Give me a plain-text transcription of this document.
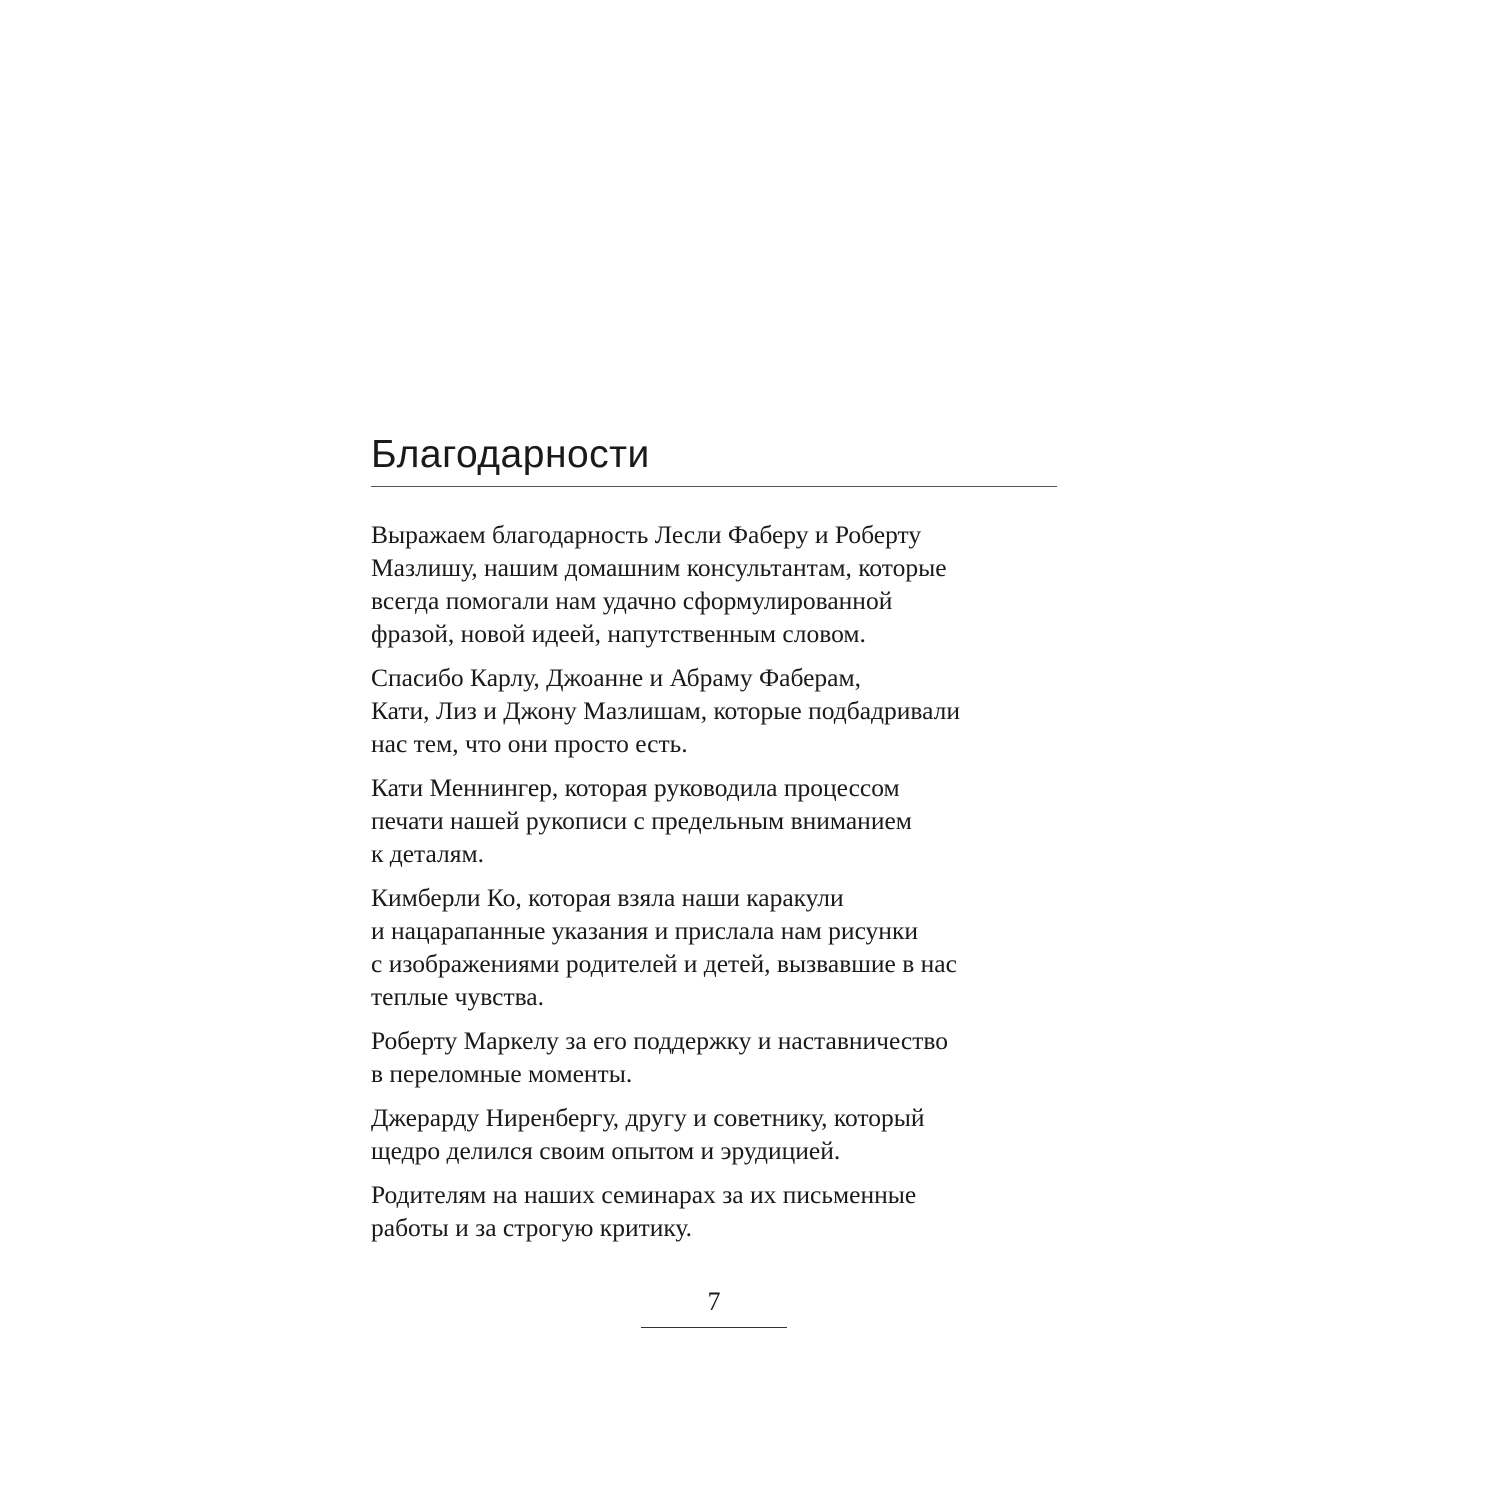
Благодарности

Выражаем благодарность Лесли Фаберу и Роберту
Мазлишу, нашим домашним консультантам, которые
всегда помогали нам удачно сформулированной
фразой, новой идеей, напутственным словом.

Спасибо Карлу, Джоанне и Абраму Фаберам,
Кати, Лиз и Джону Мазлишам, которые подбадривали
нас тем, что они просто есть.

Кати Меннингер, которая руководила процессом
печати нашей рукописи с предельным вниманием
к деталям.

Кимберли Ко, которая взяла наши каракули
и нацарапанные указания и прислала нам рисунки
с изображениями родителей и детей, вызвавшие в нас
теплые чувства.

Роберту Маркелу за его поддержку и наставничество
в переломные моменты.

Джерарду Ниренбергу, другу и советнику, который
щедро делился своим опытом и эрудицией.

Родителям на наших семинарах за их письменные
работы и за строгую критику.

7
